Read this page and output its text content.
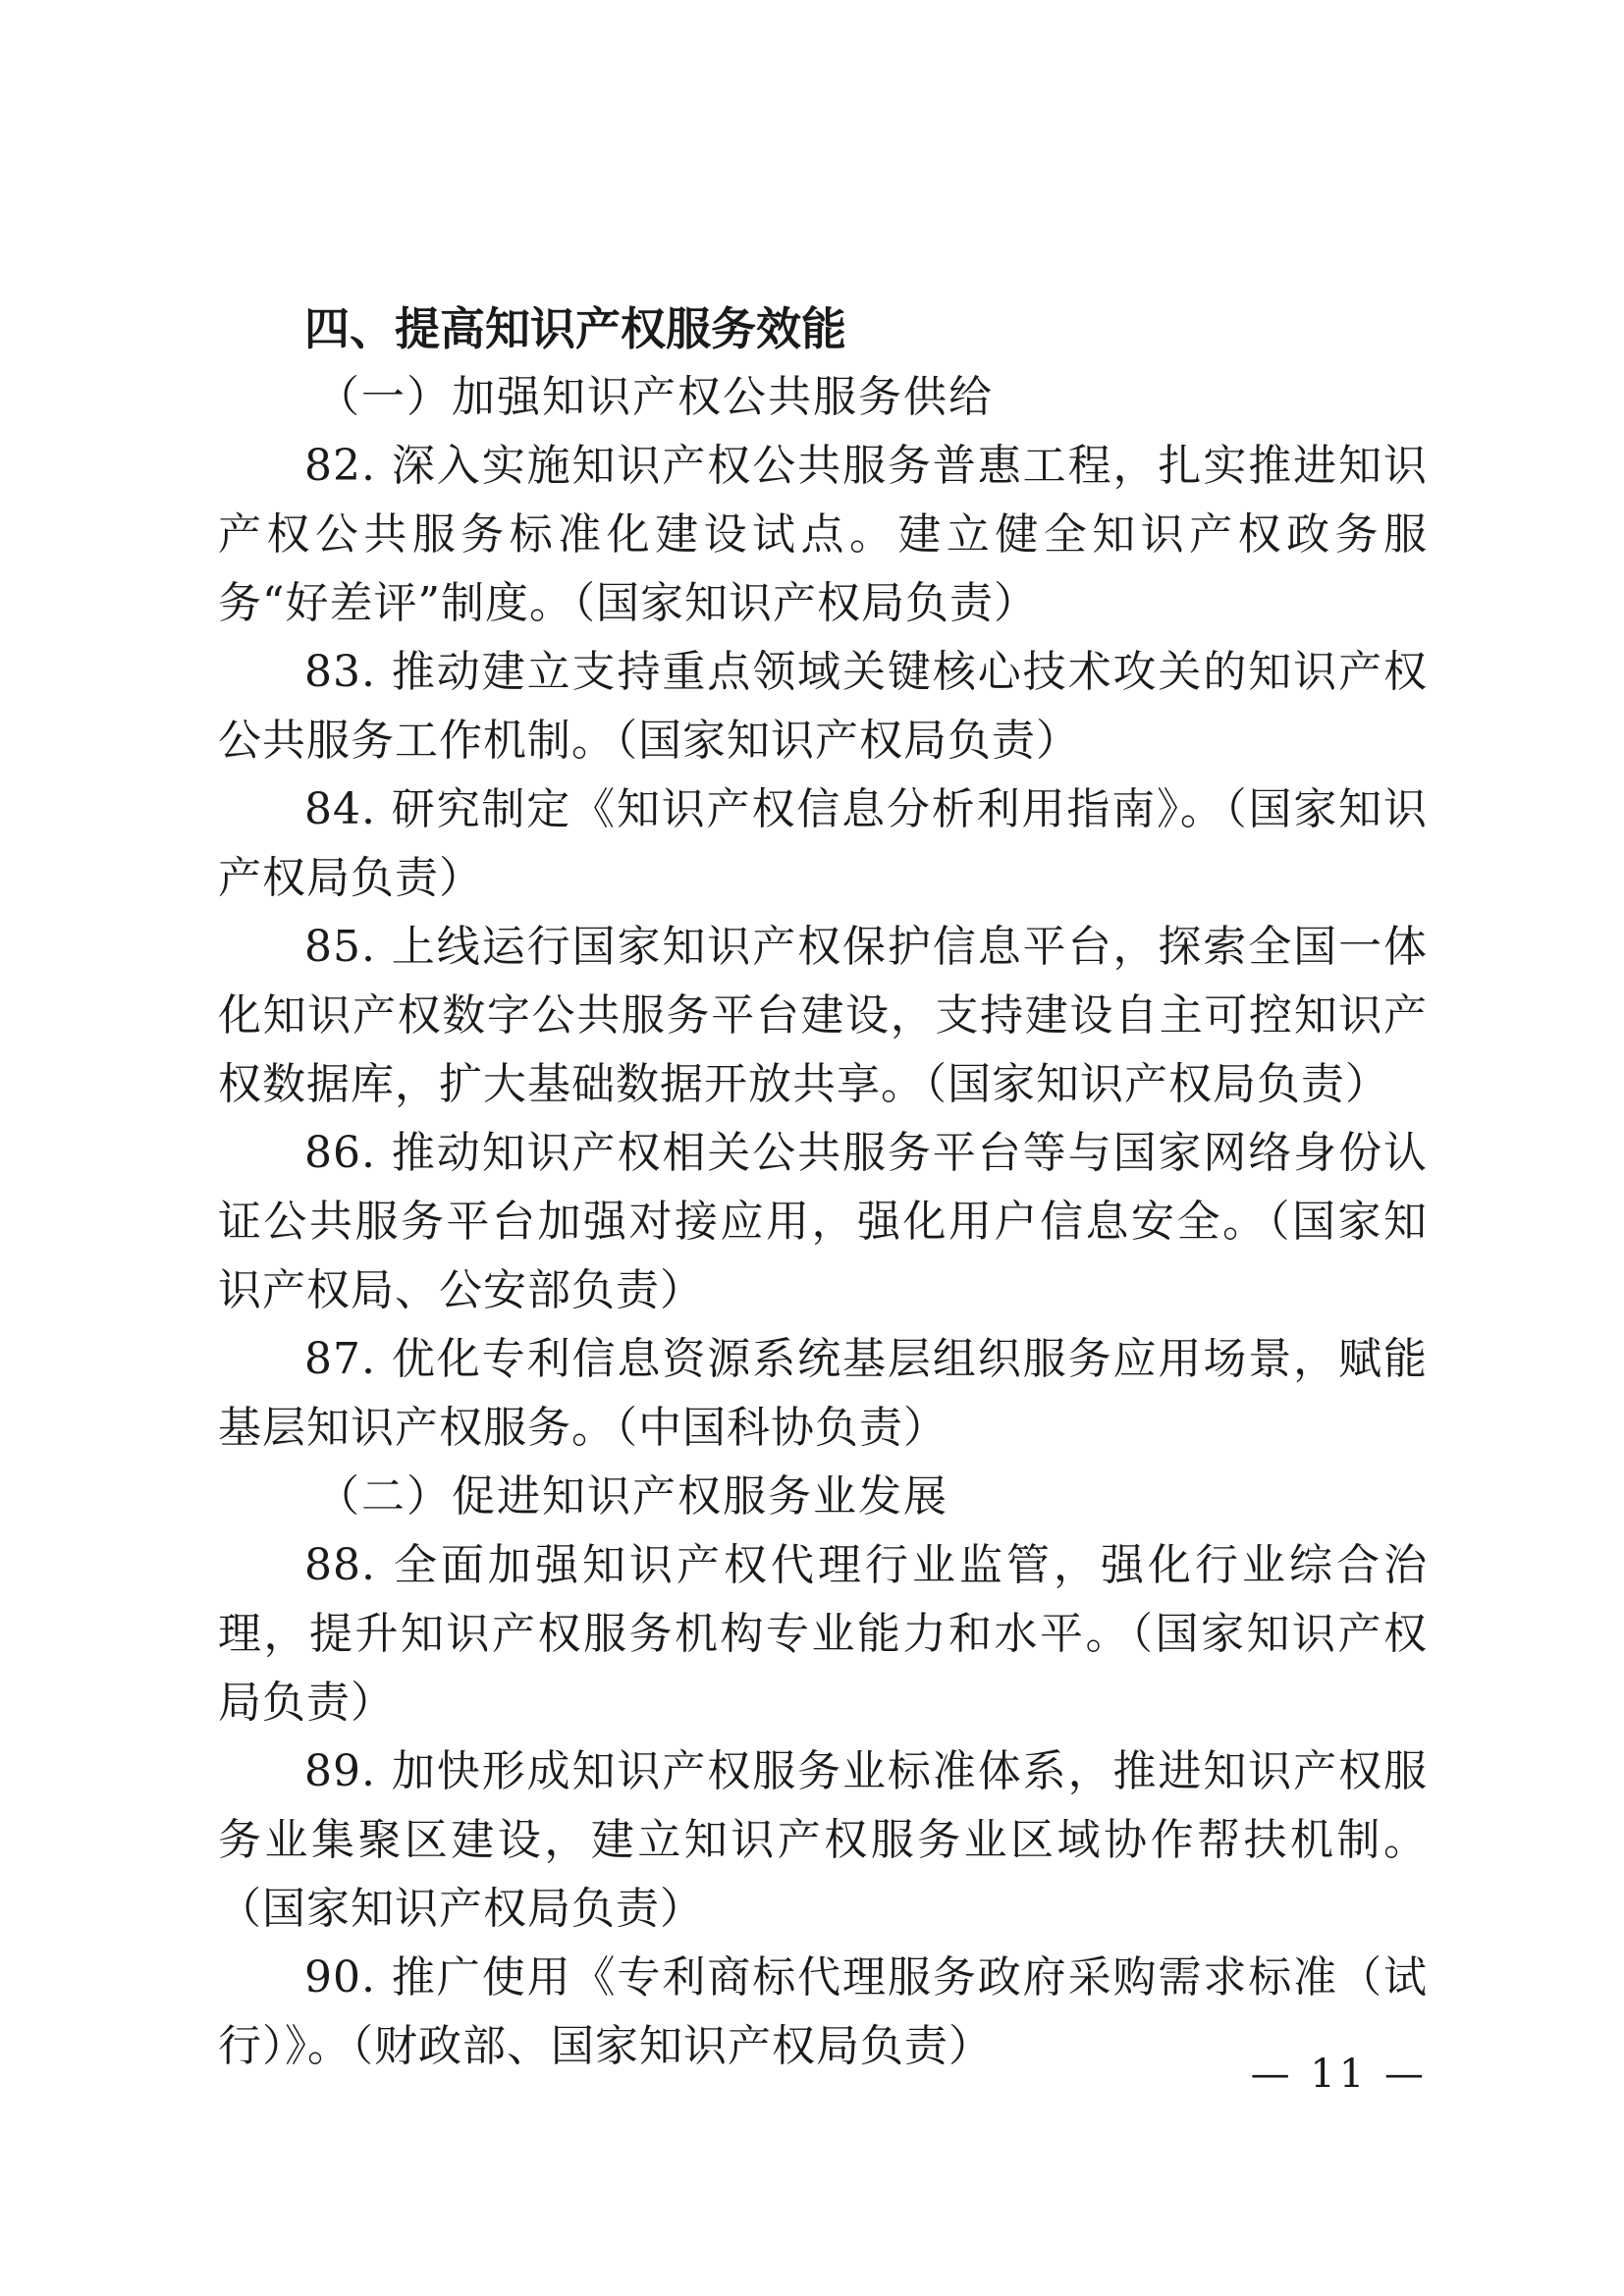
四、提高知识产权服务效能

（一）加强知识产权公共服务供给

82. 深入实施知识产权公共服务普惠工程，扎实推进知识产权公共服务标准化建设试点。建立健全知识产权政务服务“好差评”制度。（国家知识产权局负责）

83. 推动建立支持重点领域关键核心技术攻关的知识产权公共服务工作机制。（国家知识产权局负责）

84. 研究制定《知识产权信息分析利用指南》。（国家知识产权局负责）

85. 上线运行国家知识产权保护信息平台，探索全国一体化知识产权数字公共服务平台建设，支持建设自主可控知识产权数据库，扩大基础数据开放共享。（国家知识产权局负责）

86. 推动知识产权相关公共服务平台等与国家网络身份认证公共服务平台加强对接应用，强化用户信息安全。（国家知识产权局、公安部负责）

87. 优化专利信息资源系统基层组织服务应用场景，赋能基层知识产权服务。（中国科协负责）

（二）促进知识产权服务业发展

88. 全面加强知识产权代理行业监管，强化行业综合治理，提升知识产权服务机构专业能力和水平。（国家知识产权局负责）

89. 加快形成知识产权服务业标准体系，推进知识产权服务业集聚区建设，建立知识产权服务业区域协作帮扶机制。（国家知识产权局负责）

90. 推广使用《专利商标代理服务政府采购需求标准（试行）》。（财政部、国家知识产权局负责）

— 11 —
